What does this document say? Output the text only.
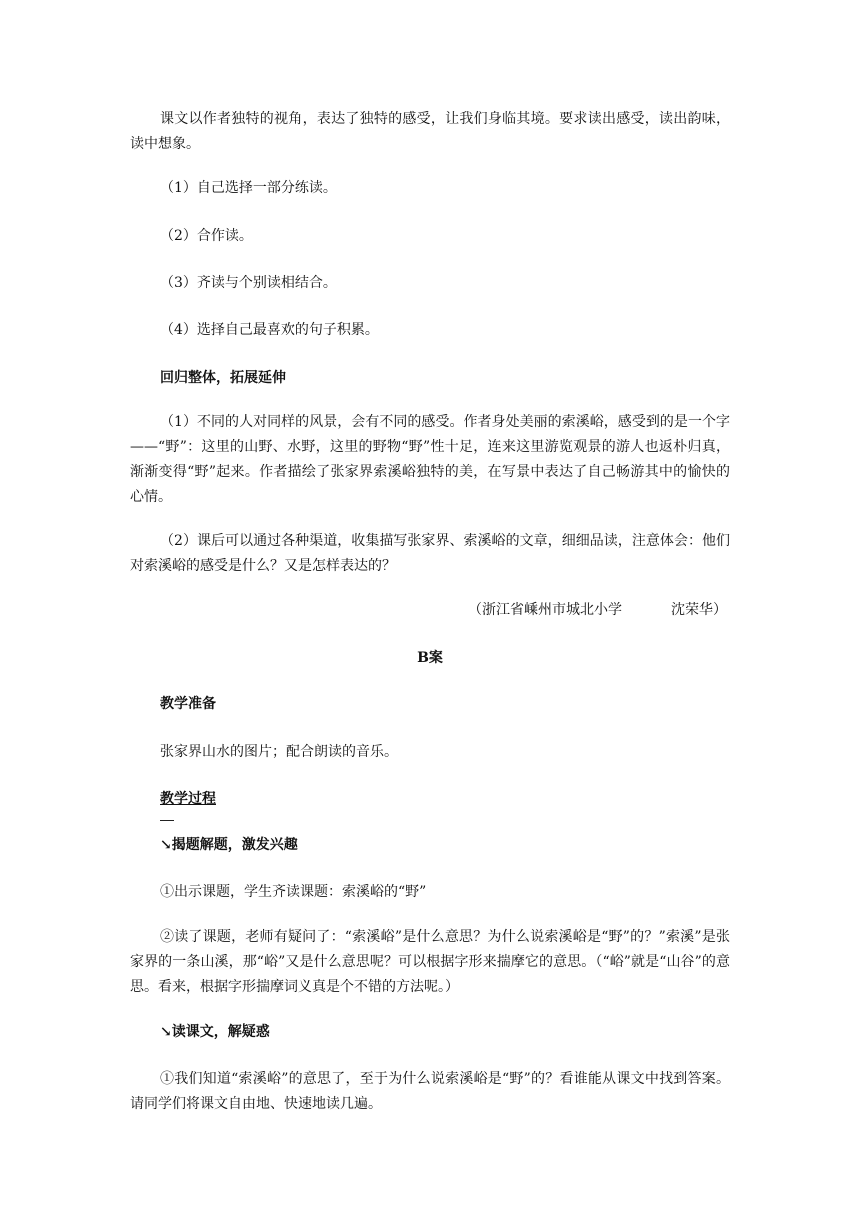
课文以作者独特的视角，表达了独特的感受，让我们身临其境。要求读出感受，读出韵味，读中想象。

（1）自己选择一部分练读。

（2）合作读。

（3）齐读与个别读相结合。

（4）选择自己最喜欢的句子积累。

回归整体，拓展延伸

（1）不同的人对同样的风景，会有不同的感受。作者身处美丽的索溪峪，感受到的是一个字——“野”：这里的山野、水野，这里的野物“野”性十足，连来这里游览观景的游人也返朴归真，渐渐变得“野”起来。作者描绘了张家界索溪峪独特的美，在写景中表达了自己畅游其中的愉快的心情。

（2）课后可以通过各种渠道，收集描写张家界、索溪峪的文章，细细品读，注意体会：他们对索溪峪的感受是什么？又是怎样表达的？

（浙江省嵊州市城北小学           沈荣华）

B案

教学准备

张家界山水的图片；配合朗读的音乐。

教学过程

↘揭题解题，激发兴趣

①出示课题，学生齐读课题：索溪峪的“野”

②读了课题，老师有疑问了：“索溪峪”是什么意思？为什么说索溪峪是“野”的？”索溪”是张家界的一条山溪，那“峪”又是什么意思呢？可以根据字形来揣摩它的意思。（“峪”就是“山谷”的意思。看来，根据字形揣摩词义真是个不错的方法呢。）

↘读课文，解疑惑

①我们知道“索溪峪”的意思了，至于为什么说索溪峪是“野”的？看谁能从课文中找到答案。请同学们将课文自由地、快速地读几遍。
